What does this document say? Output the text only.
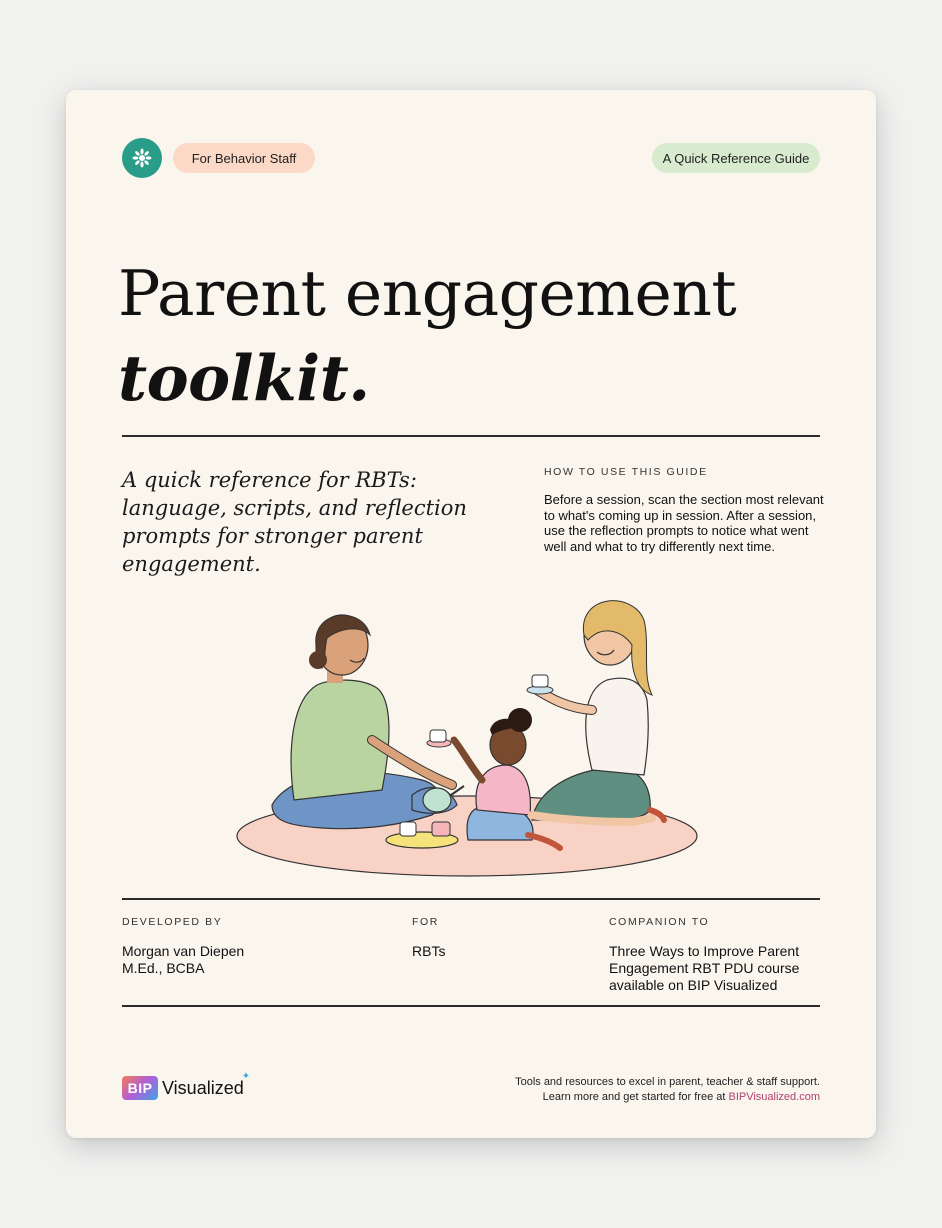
For Behavior Staff	A Quick Reference Guide
Parent engagement
toolkit.
A quick reference for RBTs: language, scripts, and reflection prompts for stronger parent engagement.
HOW TO USE THIS GUIDE
Before a session, scan the section most relevant to what's coming up in session. After a session, use the reflection prompts to notice what went well and what to try differently next time.
DEVELOPED BY
Morgan van Diepen
M.Ed., BCBA
FOR
RBTs
COMPANION TO
Three Ways to Improve Parent
Engagement RBT PDU course
available on BIP Visualized
BIP Visualized
✦	Tools and resources to excel in parent, teacher & staff support.
Learn more and get started for free at BIPVisualized.com
